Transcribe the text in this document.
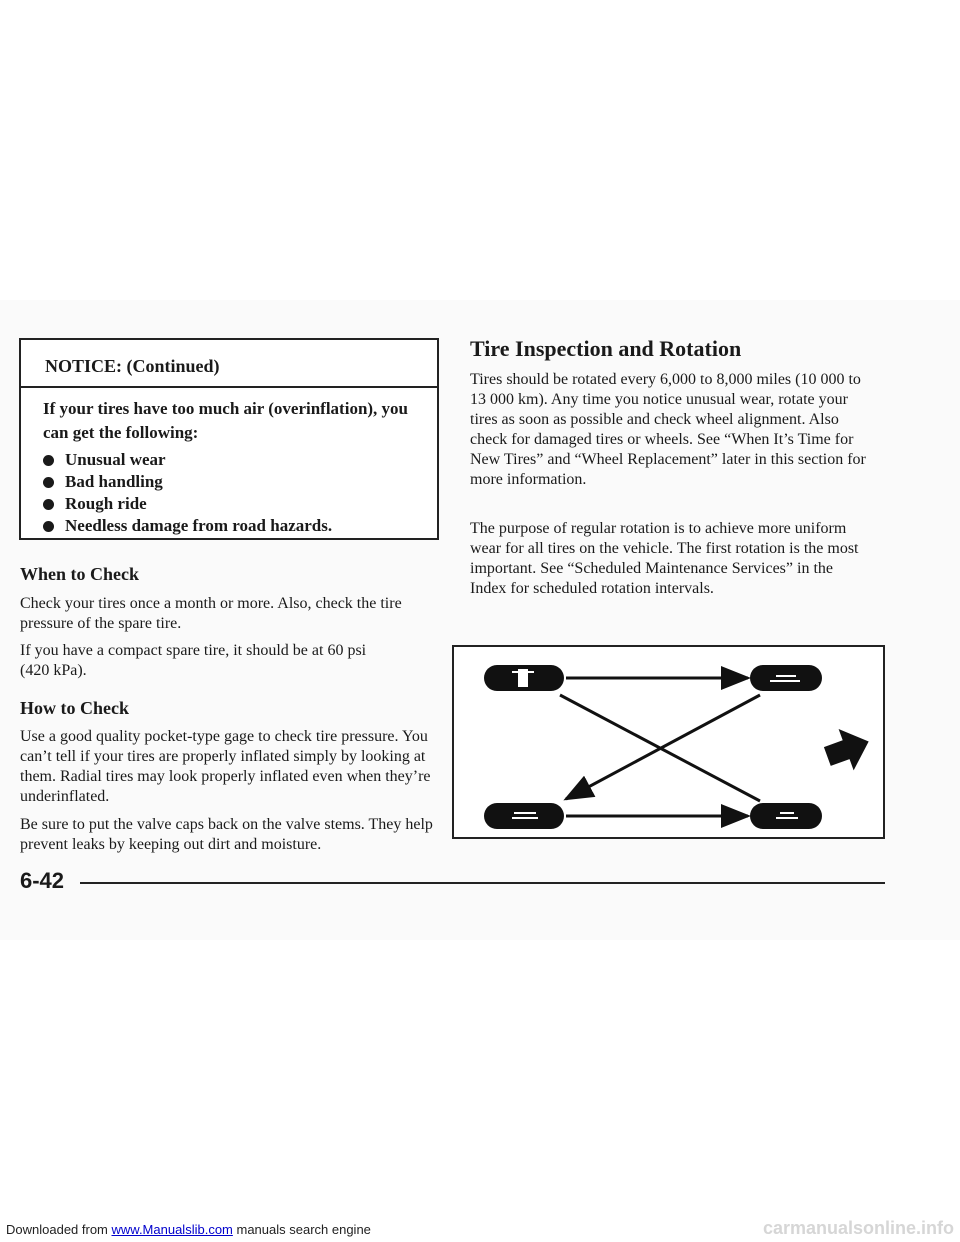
NOTICE: (Continued)
If your tires have too much air (overinflation), you can get the following:
Unusual wear
Bad handling
Rough ride
Needless damage from road hazards.
When to Check

Check your tires once a month or more. Also, check the tire pressure of the spare tire.

If you have a compact spare tire, it should be at 60 psi (420 kPa).

How to Check

Use a good quality pocket-type gage to check tire pressure. You can’t tell if your tires are properly inflated simply by looking at them. Radial tires may look properly inflated even when they’re underinflated.

Be sure to put the valve caps back on the valve stems. They help prevent leaks by keeping out dirt and moisture.

Tire Inspection and Rotation

Tires should be rotated every 6,000 to 8,000 miles (10 000 to 13 000 km). Any time you notice unusual wear, rotate your tires as soon as possible and check wheel alignment. Also check for damaged tires or wheels. See “When It’s Time for New Tires” and “Wheel Replacement” later in this section for more information.

The purpose of regular rotation is to achieve more uniform wear for all tires on the vehicle. The first rotation is the most important. See “Scheduled Maintenance Services” in the Index for scheduled rotation intervals.

6-42
Downloaded from www.Manualslib.com manuals search engine	carmanualsonline.info
